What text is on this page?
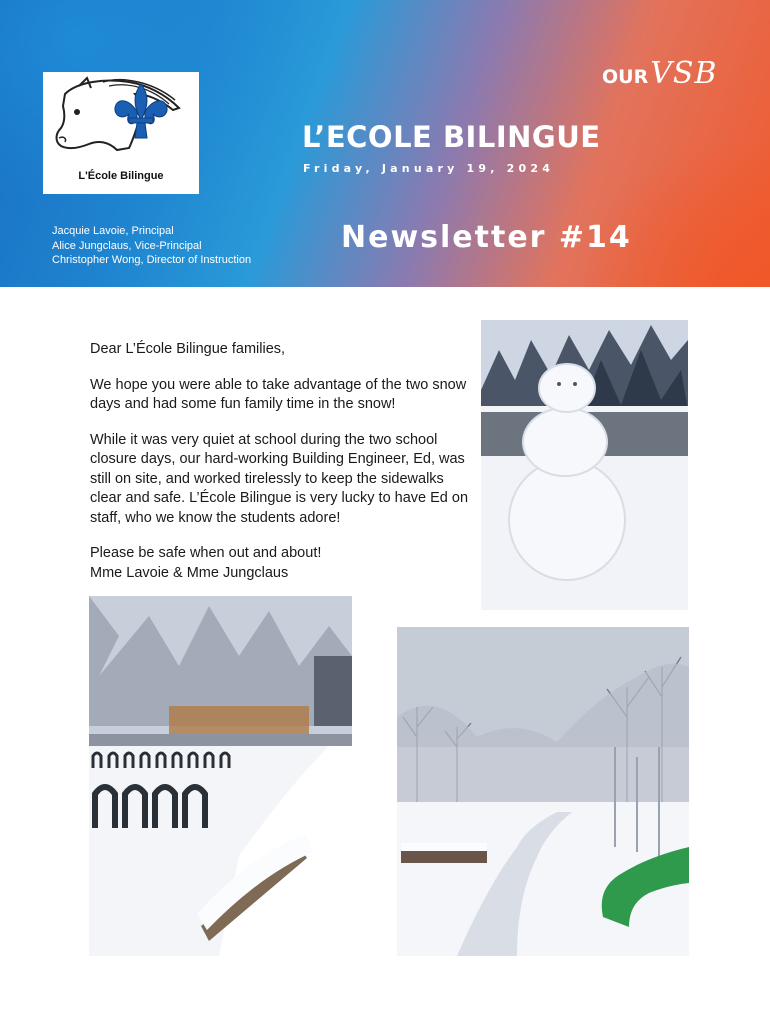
L'École Bilingue
OUR VSB
L’ECOLE BILINGUE
Friday, January 19, 2024
Jacquie Lavoie, Principal
Alice Jungclaus, Vice-Principal
Christopher Wong, Director of Instruction
Newsletter #14

Dear L’École Bilingue families,

We hope you were able to take advantage of the two snow days and had some fun family time in the snow!

While it was very quiet at school during the two school closure days, our hard-working Building Engineer, Ed, was still on site, and worked tirelessly to keep the sidewalks clear and safe. L’École Bilingue is very lucky to have Ed on staff, who we know the students adore!

Please be safe when out and about!

Mme Lavoie & Mme Jungclaus
